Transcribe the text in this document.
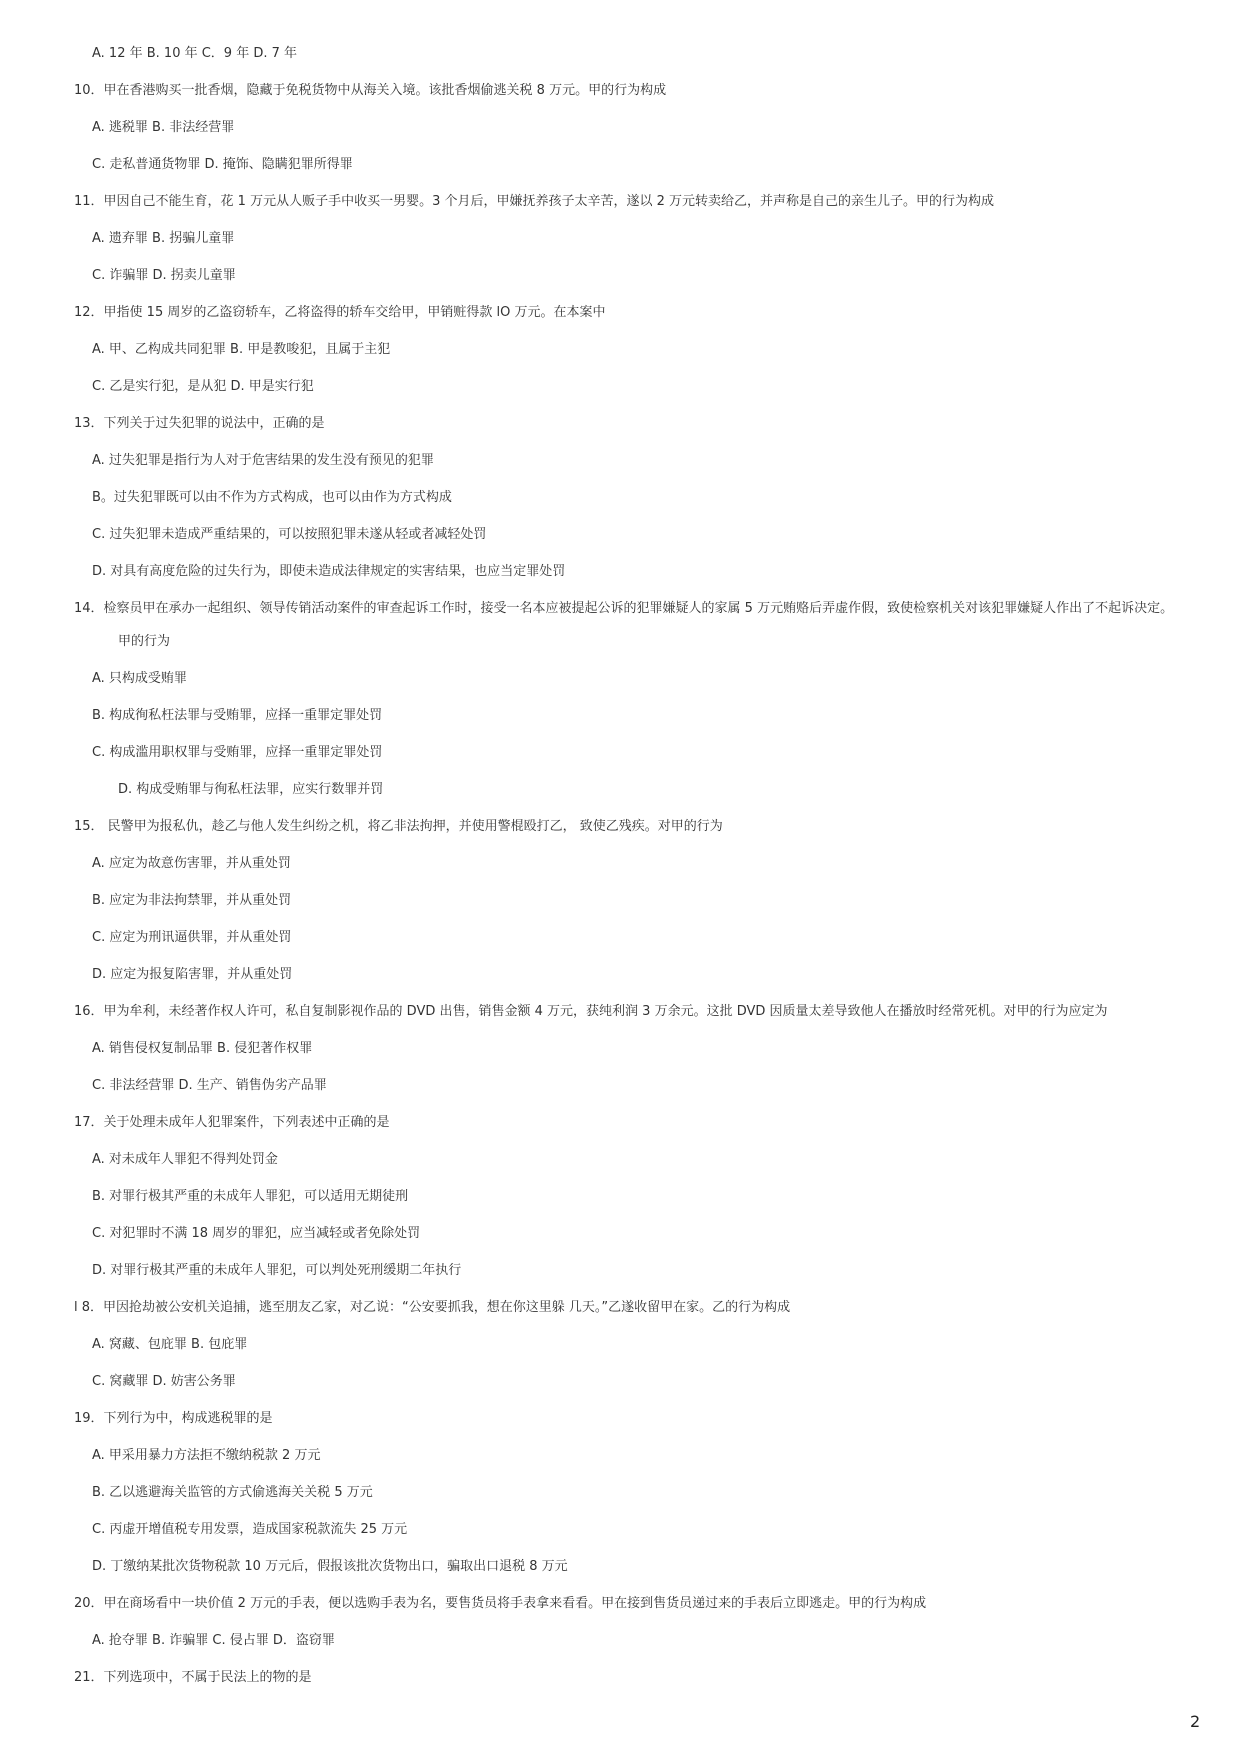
A. 12 年 B. 10 年 C．9 年 D. 7 年

10．甲在香港购买一批香烟，隐藏于免税货物中从海关入境。该批香烟偷逃关税 8 万元。甲的行为构成

A. 逃税罪 B. 非法经营罪

C. 走私普通货物罪 D. 掩饰、隐瞒犯罪所得罪

11．甲因自己不能生育，花 1 万元从人贩子手中收买一男婴。3 个月后，甲嫌抚养孩子太辛苦，遂以 2 万元转卖给乙，并声称是自己的亲生儿子。甲的行为构成

A. 遗弃罪 B. 拐骗儿童罪

C. 诈骗罪 D. 拐卖儿童罪

12．甲指使 15 周岁的乙盗窃轿车，乙将盗得的轿车交给甲，甲销赃得款 lO 万元。在本案中

A. 甲、乙构成共同犯罪 B. 甲是教唆犯，且属于主犯

C. 乙是实行犯，是从犯 D. 甲是实行犯

13．下列关于过失犯罪的说法中，正确的是

A. 过失犯罪是指行为人对于危害结果的发生没有预见的犯罪

B。过失犯罪既可以由不作为方式构成，也可以由作为方式构成

C. 过失犯罪未造成严重结果的，可以按照犯罪未遂从轻或者减轻处罚

D. 对具有高度危险的过失行为，即使未造成法律规定的实害结果，也应当定罪处罚

14．检察员甲在承办一起组织、领导传销活动案件的审查起诉工作时，接受一名本应被提起公诉的犯罪嫌疑人的家属 5 万元贿赂后弄虚作假，致使检察机关对该犯罪嫌疑人作出了不起诉决定。

甲的行为

A. 只构成受贿罪

B. 构成徇私枉法罪与受贿罪，应择一重罪定罪处罚

C. 构成滥用职权罪与受贿罪，应择一重罪定罪处罚

D. 构成受贿罪与徇私枉法罪，应实行数罪并罚

15． 民警甲为报私仇，趁乙与他人发生纠纷之机，将乙非法拘押，并使用警棍殴打乙， 致使乙残疾。对甲的行为

A. 应定为故意伤害罪，并从重处罚

B. 应定为非法拘禁罪，并从重处罚

C. 应定为刑讯逼供罪，并从重处罚

D. 应定为报复陷害罪，并从重处罚

16．甲为牟利，未经著作权人许可，私自复制影视作品的 DVD 出售，销售金额 4 万元，获纯利润 3 万余元。这批 DVD 因质量太差导致他人在播放时经常死机。对甲的行为应定为

A. 销售侵权复制品罪 B. 侵犯著作权罪

C. 非法经营罪 D. 生产、销售伪劣产品罪

17．关于处理未成年人犯罪案件，下列表述中正确的是

A. 对未成年人罪犯不得判处罚金

B. 对罪行极其严重的未成年人罪犯，可以适用无期徒刑

C. 对犯罪时不满 18 周岁的罪犯，应当减轻或者免除处罚

D. 对罪行极其严重的未成年人罪犯，可以判处死刑缓期二年执行

l 8．甲因抢劫被公安机关追捕，逃至朋友乙家，对乙说：“公安要抓我，想在你这里躲 几天。”乙遂收留甲在家。乙的行为构成

A. 窝藏、包庇罪 B. 包庇罪

C. 窝藏罪 D. 妨害公务罪

19．下列行为中，构成逃税罪的是

A. 甲采用暴力方法拒不缴纳税款 2 万元

B. 乙以逃避海关监管的方式偷逃海关关税 5 万元

C. 丙虚开增值税专用发票，造成国家税款流失 25 万元

D. 丁缴纳某批次货物税款 10 万元后，假报该批次货物出口，骗取出口退税 8 万元

20．甲在商场看中一块价值 2 万元的手表，便以选购手表为名，要售货员将手表拿来看看。甲在接到售货员递过来的手表后立即逃走。甲的行为构成

A. 抢夺罪 B. 诈骗罪 C. 侵占罪 D．盗窃罪

21．下列选项中，不属于民法上的物的是

2
